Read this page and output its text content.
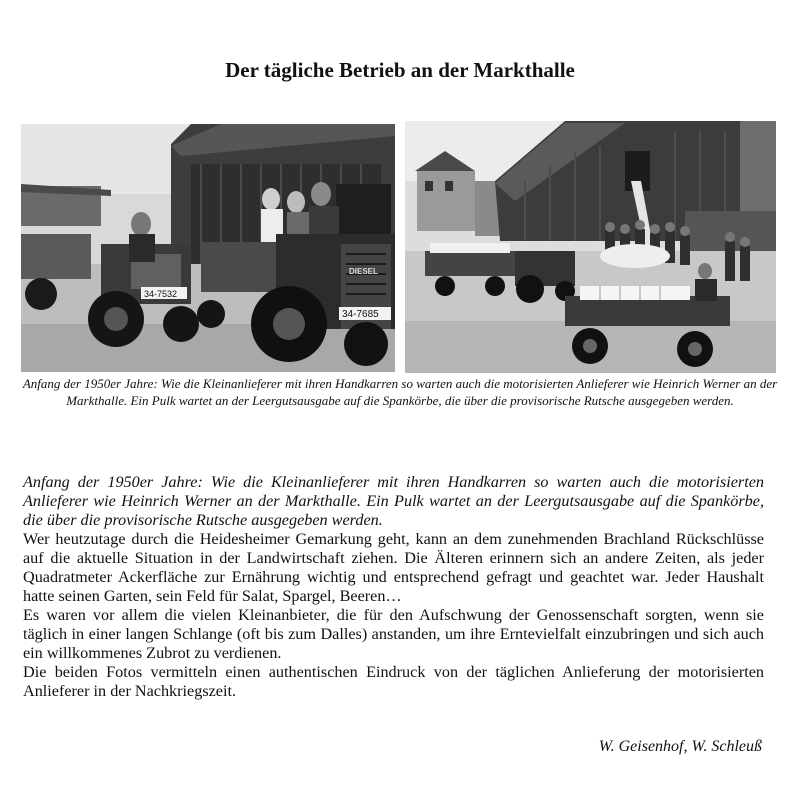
Der tägliche Betrieb an der Markthalle
34-7685
34-7532
DIESEL
Anfang der 1950er Jahre: Wie die Kleinanlieferer mit ihren Handkarren so warten auch die motorisierten Anlieferer wie Heinrich Werner an der Markthalle. Ein Pulk wartet an der Leergutsausgabe auf die Spankörbe, die über die provisorische Rutsche ausgegeben werden.

Anfang der 1950er Jahre: Wie die Kleinanlieferer mit ihren Handkarren so warten auch die motorisierten Anlieferer wie Heinrich Werner an der Markthalle. Ein Pulk wartet an der Leergutsausgabe auf die Spankörbe, die über die provisorische Rutsche ausgegeben werden.

Wer heutzutage durch die Heidesheimer Gemarkung geht, kann an dem zunehmenden Brachland Rückschlüsse auf die aktuelle Situation in der Landwirtschaft ziehen. Die Älteren erinnern sich an andere Zeiten, als jeder Quadratmeter Ackerfläche zur Ernährung wichtig und entsprechend gefragt und geachtet war. Jeder Haushalt hatte seinen Garten, sein Feld für Salat, Spargel, Beeren…

Es waren vor allem die vielen Kleinanbieter, die für den Aufschwung der Genossenschaft sorgten, wenn sie täglich in einer langen Schlange (oft bis zum Dalles) anstanden, um ihre Erntevielfalt einzubringen und sich auch ein willkommenes Zubrot zu verdienen.

Die beiden Fotos vermitteln einen authentischen Eindruck von der täglichen Anlieferung der motorisierten Anlieferer in der Nachkriegszeit.

W. Geisenhof, W. Schleuß
